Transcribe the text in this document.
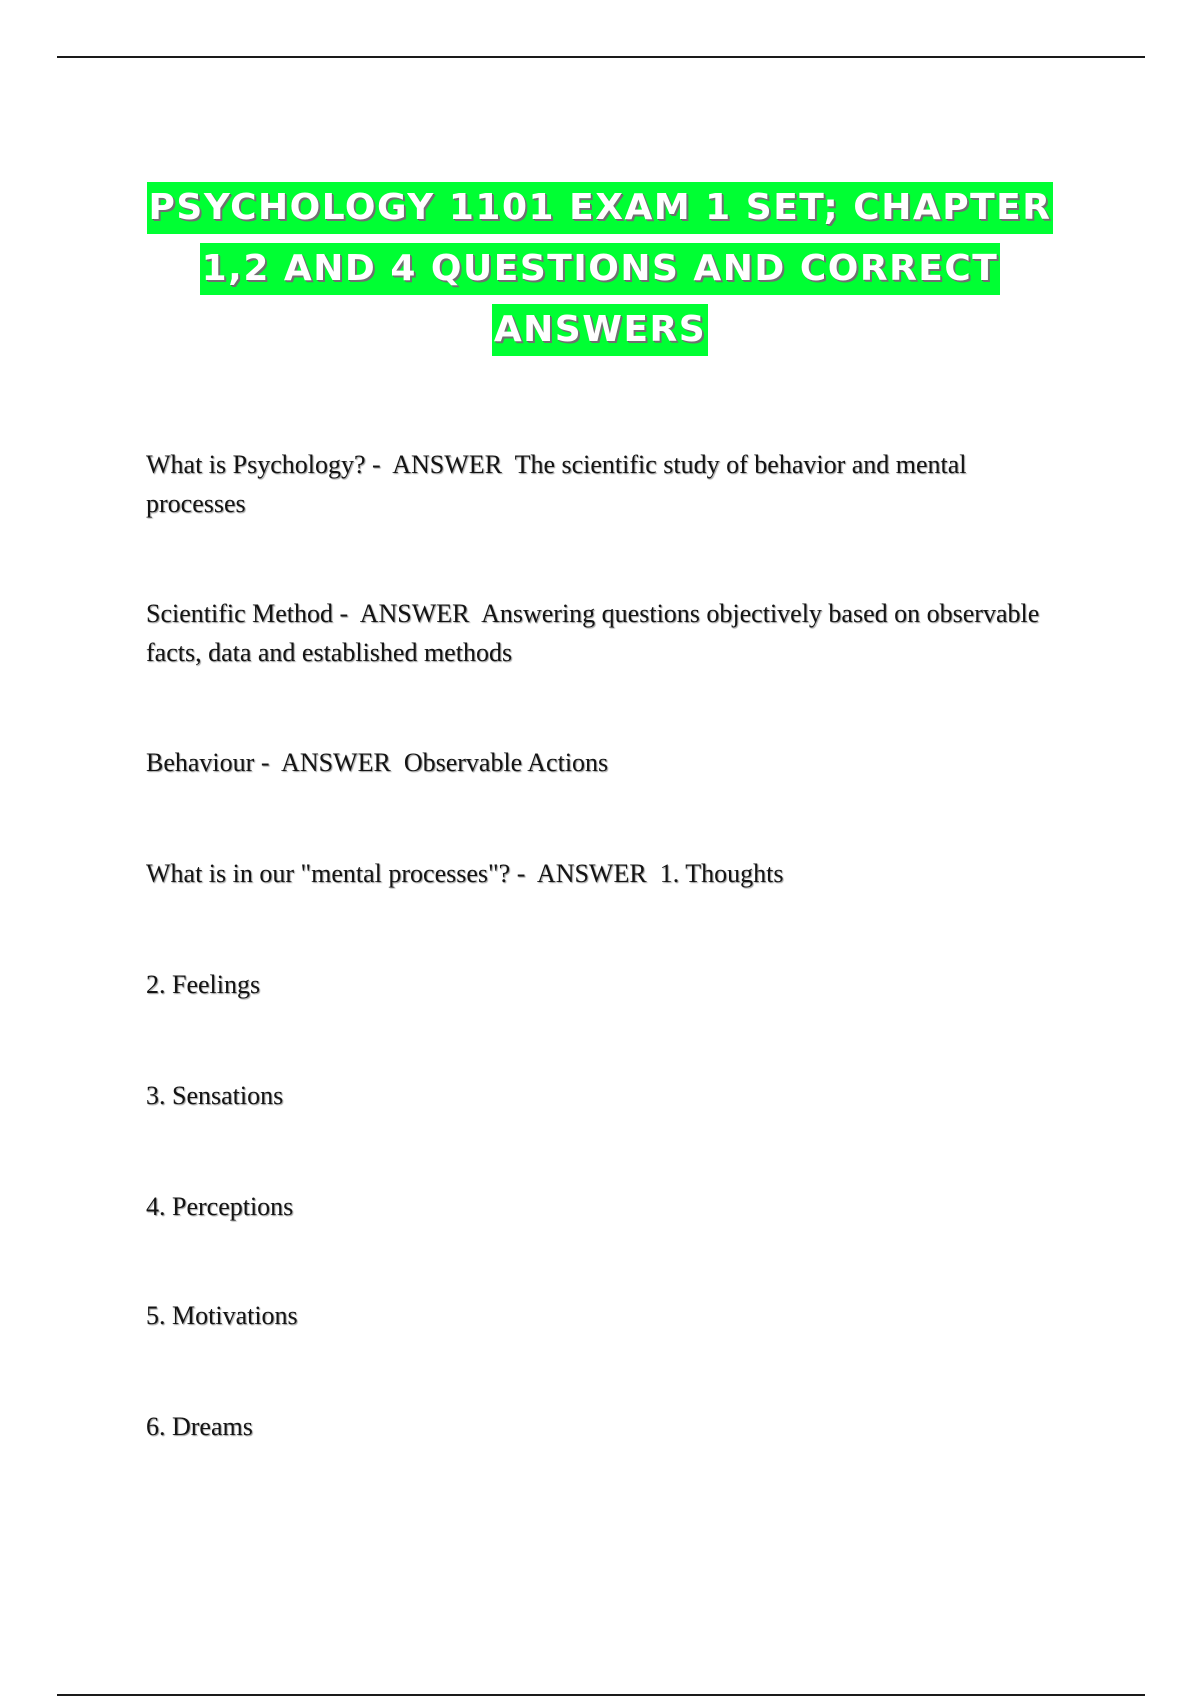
PSYCHOLOGY 1101 EXAM 1 SET; CHAPTER
1,2 AND 4 QUESTIONS AND CORRECT
ANSWERS

What is Psychology? -  ANSWER  The scientific study of behavior and mental processes

Scientific Method -  ANSWER  Answering questions objectively based on observable facts, data and established methods

Behaviour -  ANSWER  Observable Actions

What is in our "mental processes"? -  ANSWER  1. Thoughts

2. Feelings

3. Sensations

4. Perceptions

5. Motivations

6. Dreams
